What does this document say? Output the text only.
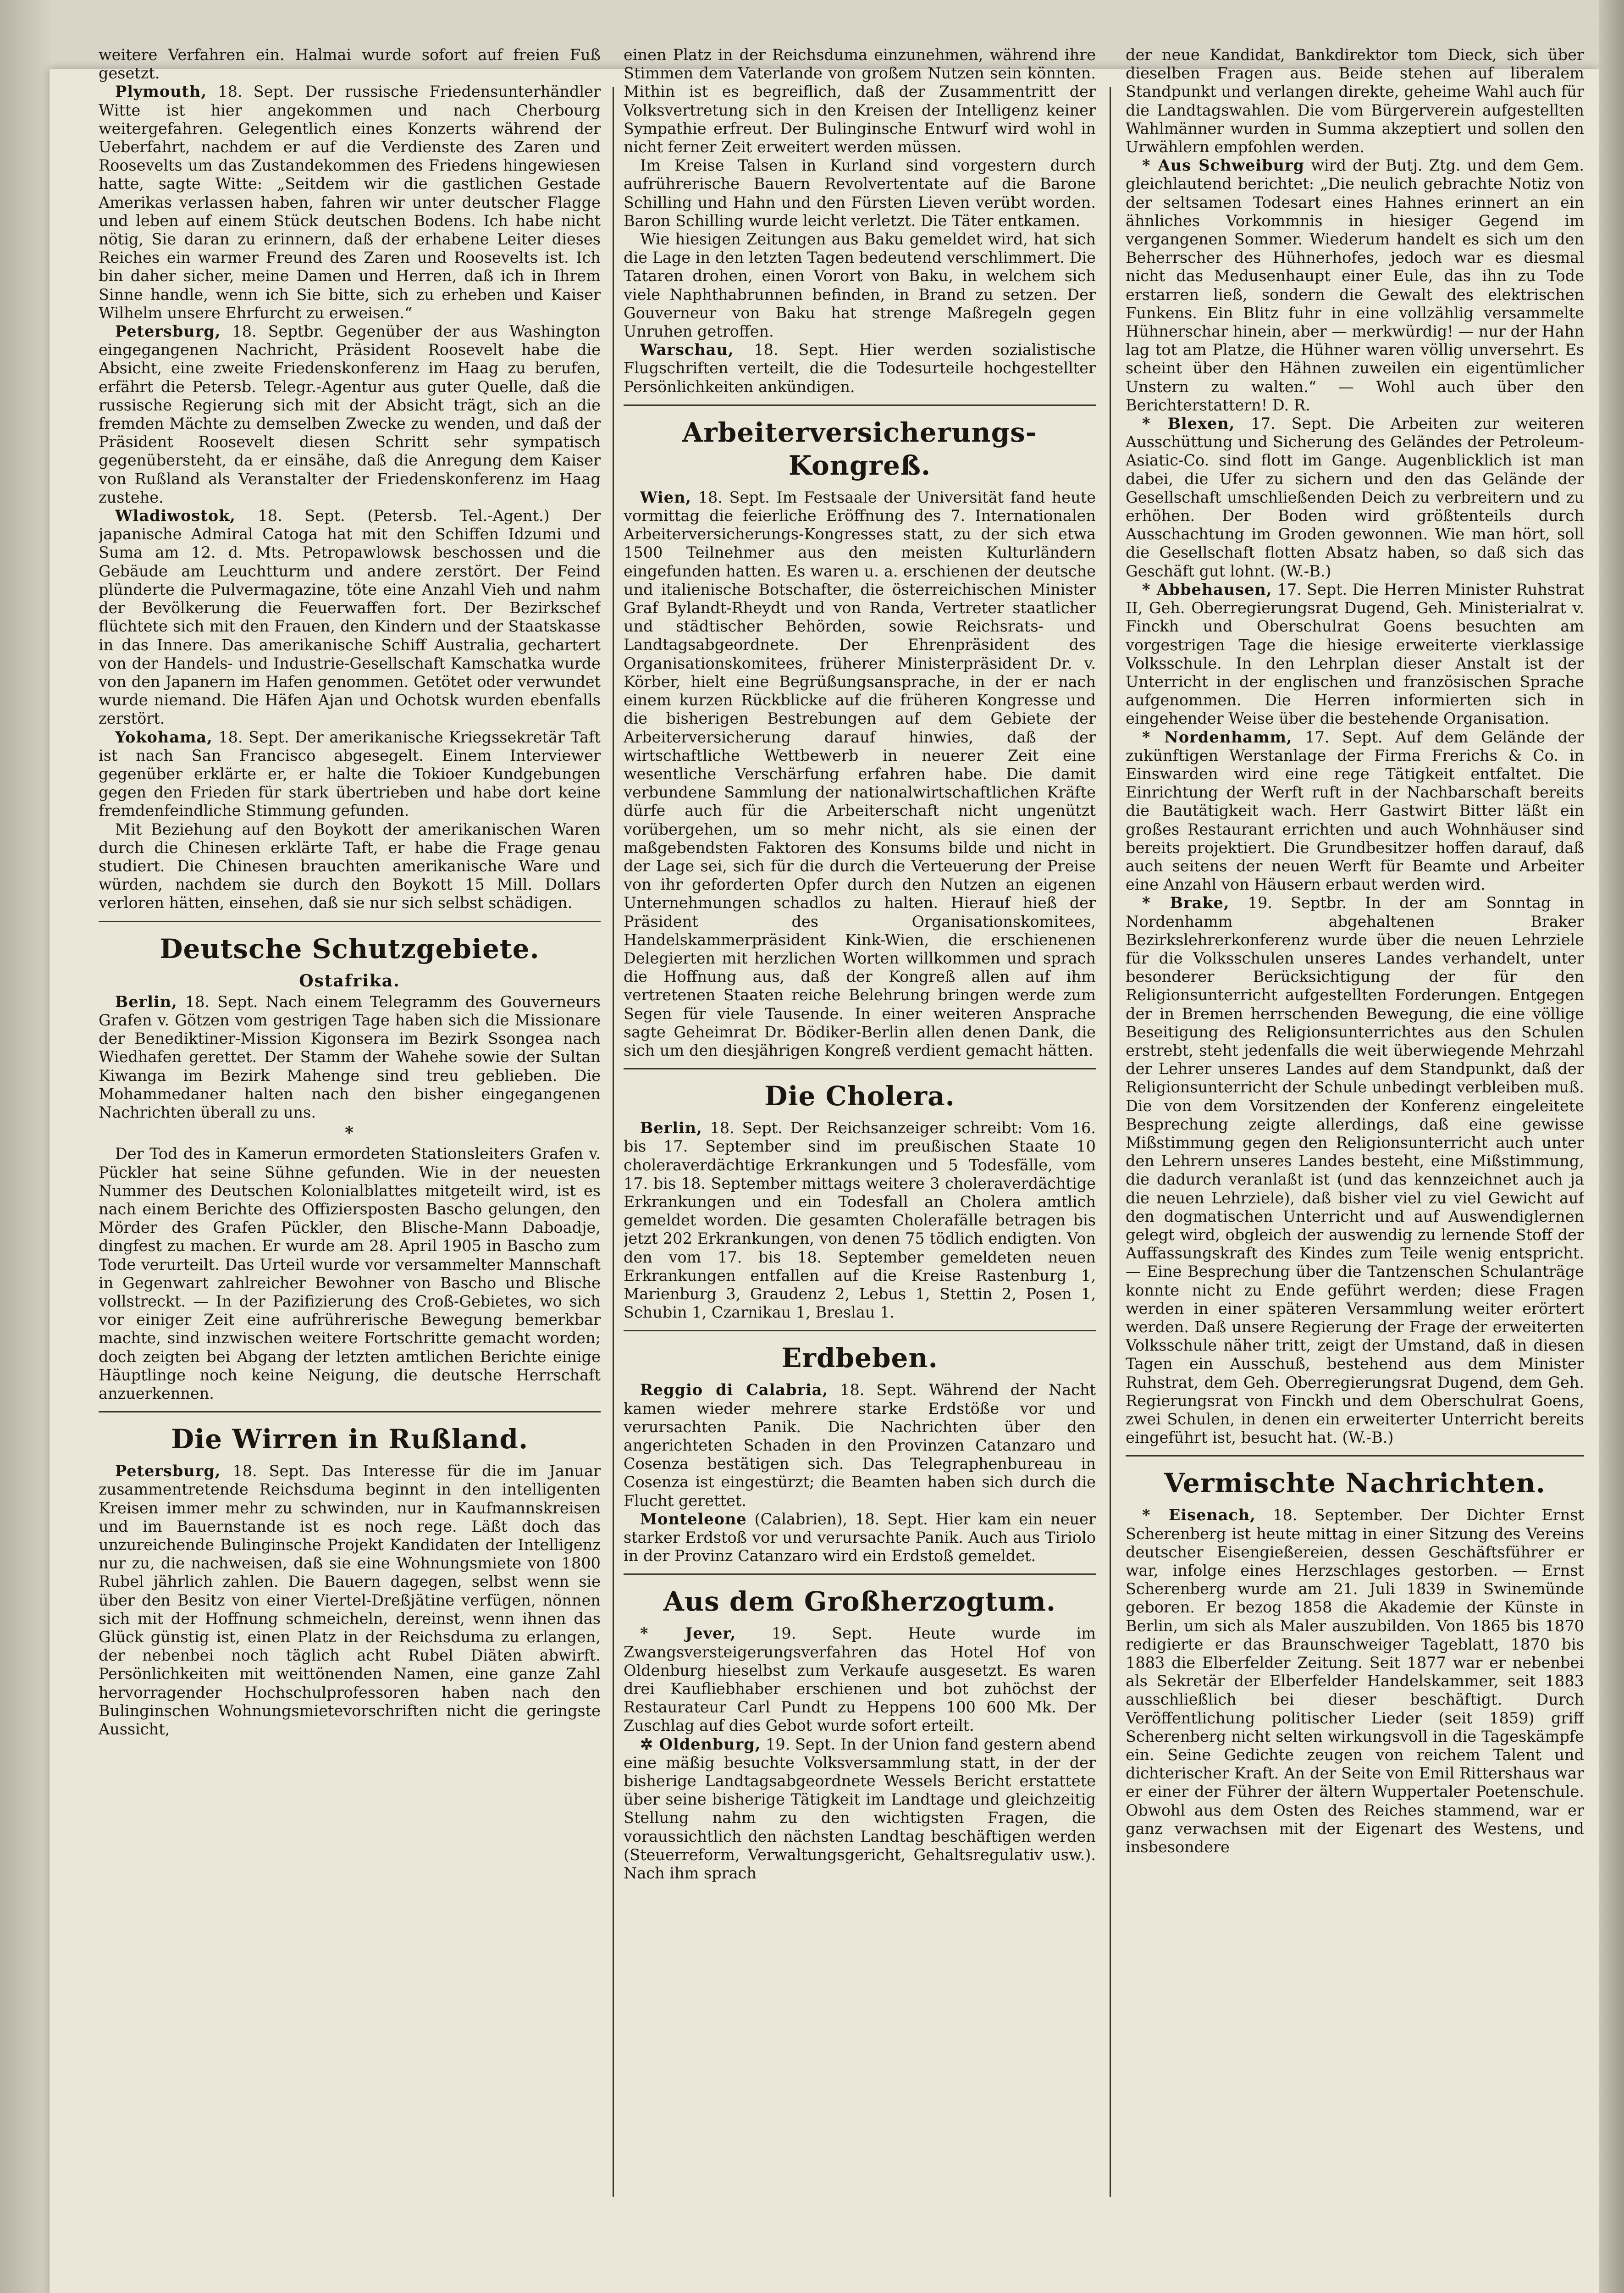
weitere Verfahren ein. Halmai wurde sofort auf freien Fuß gesetzt.

Plymouth, 18. Sept. Der russische Friedensunterhändler Witte ist hier angekommen und nach Cherbourg weitergefahren. Gelegentlich eines Konzerts während der Ueberfahrt, nachdem er auf die Verdienste des Zaren und Roosevelts um das Zustandekommen des Friedens hingewiesen hatte, sagte Witte: „Seitdem wir die gastlichen Gestade Amerikas verlassen haben, fahren wir unter deutscher Flagge und leben auf einem Stück deutschen Bodens. Ich habe nicht nötig, Sie daran zu erinnern, daß der erhabene Leiter dieses Reiches ein warmer Freund des Zaren und Roosevelts ist. Ich bin daher sicher, meine Damen und Herren, daß ich in Ihrem Sinne handle, wenn ich Sie bitte, sich zu erheben und Kaiser Wilhelm unsere Ehrfurcht zu erweisen.“

Petersburg, 18. Septbr. Gegenüber der aus Washington eingegangenen Nachricht, Präsident Roosevelt habe die Absicht, eine zweite Friedenskonferenz im Haag zu berufen, erfährt die Petersb. Telegr.-Agentur aus guter Quelle, daß die russische Regierung sich mit der Absicht trägt, sich an die fremden Mächte zu demselben Zwecke zu wenden, und daß der Präsident Roosevelt diesen Schritt sehr sympatisch gegenübersteht, da er einsähe, daß die Anregung dem Kaiser von Rußland als Veranstalter der Friedenskonferenz im Haag zustehe.

Wladiwostok, 18. Sept. (Petersb. Tel.-Agent.) Der japanische Admiral Catoga hat mit den Schiffen Idzumi und Suma am 12. d. Mts. Petropawlowsk beschossen und die Gebäude am Leuchtturm und andere zerstört. Der Feind plünderte die Pulvermagazine, töte eine Anzahl Vieh und nahm der Bevölkerung die Feuerwaffen fort. Der Bezirkschef flüchtete sich mit den Frauen, den Kindern und der Staatskasse in das Innere. Das amerikanische Schiff Australia, gechartert von der Handels- und Industrie-Gesellschaft Kamschatka wurde von den Japanern im Hafen genommen. Getötet oder verwundet wurde niemand. Die Häfen Ajan und Ochotsk wurden ebenfalls zerstört.

Yokohama, 18. Sept. Der amerikanische Kriegssekretär Taft ist nach San Francisco abgesegelt. Einem Interviewer gegenüber erklärte er, er halte die Tokioer Kundgebungen gegen den Frieden für stark übertrieben und habe dort keine fremdenfeindliche Stimmung gefunden.

Mit Beziehung auf den Boykott der amerikanischen Waren durch die Chinesen erklärte Taft, er habe die Frage genau studiert. Die Chinesen brauchten amerikanische Ware und würden, nachdem sie durch den Boykott 15 Mill. Dollars verloren hätten, einsehen, daß sie nur sich selbst schädigen.

Deutsche Schutzgebiete.
Ostafrika.

Berlin, 18. Sept. Nach einem Telegramm des Gouverneurs Grafen v. Götzen vom gestrigen Tage haben sich die Missionare der Benediktiner-Mission Kigonsera im Bezirk Ssongea nach Wiedhafen gerettet. Der Stamm der Wahehe sowie der Sultan Kiwanga im Bezirk Mahenge sind treu geblieben. Die Mohammedaner halten nach den bisher eingegangenen Nachrichten überall zu uns.

*

Der Tod des in Kamerun ermordeten Stationsleiters Grafen v. Pückler hat seine Sühne gefunden. Wie in der neuesten Nummer des Deutschen Kolonialblattes mitgeteilt wird, ist es nach einem Berichte des Offiziersposten Bascho gelungen, den Mörder des Grafen Pückler, den Blische-Mann Daboadje, dingfest zu machen. Er wurde am 28. April 1905 in Bascho zum Tode verurteilt. Das Urteil wurde vor versammelter Mannschaft in Gegenwart zahlreicher Bewohner von Bascho und Blische vollstreckt. — In der Pazifizierung des Croß-Gebietes, wo sich vor einiger Zeit eine aufrührerische Bewegung bemerkbar machte, sind inzwischen weitere Fortschritte gemacht worden; doch zeigten bei Abgang der letzten amtlichen Berichte einige Häuptlinge noch keine Neigung, die deutsche Herrschaft anzuerkennen.

Die Wirren in Rußland.

Petersburg, 18. Sept. Das Interesse für die im Januar zusammentretende Reichsduma beginnt in den intelligenten Kreisen immer mehr zu schwinden, nur in Kaufmannskreisen und im Bauernstande ist es noch rege. Läßt doch das unzureichende Bulinginsche Projekt Kandidaten der Intelligenz nur zu, die nachweisen, daß sie eine Wohnungsmiete von 1800 Rubel jährlich zahlen. Die Bauern dagegen, selbst wenn sie über den Besitz von einer Viertel-Dreßjätine verfügen, nönnen sich mit der Hoffnung schmeicheln, dereinst, wenn ihnen das Glück günstig ist, einen Platz in der Reichsduma zu erlangen, der nebenbei noch täglich acht Rubel Diäten abwirft. Persönlichkeiten mit weittönenden Namen, eine ganze Zahl hervorragender Hochschulprofessoren haben nach den Bulinginschen Wohnungsmietevorschriften nicht die geringste Aussicht,

einen Platz in der Reichsduma einzunehmen, während ihre Stimmen dem Vaterlande von großem Nutzen sein könnten. Mithin ist es begreiflich, daß der Zusammentritt der Volksvertretung sich in den Kreisen der Intelligenz keiner Sympathie erfreut. Der Bulinginsche Entwurf wird wohl in nicht ferner Zeit erweitert werden müssen.

Im Kreise Talsen in Kurland sind vorgestern durch aufrührerische Bauern Revolvertentate auf die Barone Schilling und Hahn und den Fürsten Lieven verübt worden. Baron Schilling wurde leicht verletzt. Die Täter entkamen.

Wie hiesigen Zeitungen aus Baku gemeldet wird, hat sich die Lage in den letzten Tagen bedeutend verschlimmert. Die Tataren drohen, einen Vorort von Baku, in welchem sich viele Naphthabrunnen befinden, in Brand zu setzen. Der Gouverneur von Baku hat strenge Maßregeln gegen Unruhen getroffen.

Warschau, 18. Sept. Hier werden sozialistische Flugschriften verteilt, die die Todesurteile hochgestellter Persönlichkeiten ankündigen.

Arbeiterversicherungs-Kongreß.

Wien, 18. Sept. Im Festsaale der Universität fand heute vormittag die feierliche Eröffnung des 7. Internationalen Arbeiterversicherungs-Kongresses statt, zu der sich etwa 1500 Teilnehmer aus den meisten Kulturländern eingefunden hatten. Es waren u. a. erschienen der deutsche und italienische Botschafter, die österreichischen Minister Graf Bylandt-Rheydt und von Randa, Vertreter staatlicher und städtischer Behörden, sowie Reichsrats- und Landtagsabgeordnete. Der Ehrenpräsident des Organisationskomitees, früherer Ministerpräsident Dr. v. Körber, hielt eine Begrüßungsansprache, in der er nach einem kurzen Rückblicke auf die früheren Kongresse und die bisherigen Bestrebungen auf dem Gebiete der Arbeiterversicherung darauf hinwies, daß der wirtschaftliche Wettbewerb in neuerer Zeit eine wesentliche Verschärfung erfahren habe. Die damit verbundene Sammlung der nationalwirtschaftlichen Kräfte dürfe auch für die Arbeiterschaft nicht ungenützt vorübergehen, um so mehr nicht, als sie einen der maßgebendsten Faktoren des Konsums bilde und nicht in der Lage sei, sich für die durch die Verteuerung der Preise von ihr geforderten Opfer durch den Nutzen an eigenen Unternehmungen schadlos zu halten. Hierauf hieß der Präsident des Organisationskomitees, Handelskammerpräsident Kink-Wien, die erschienenen Delegierten mit herzlichen Worten willkommen und sprach die Hoffnung aus, daß der Kongreß allen auf ihm vertretenen Staaten reiche Belehrung bringen werde zum Segen für viele Tausende. In einer weiteren Ansprache sagte Geheimrat Dr. Bödiker-Berlin allen denen Dank, die sich um den diesjährigen Kongreß verdient gemacht hätten.

Die Cholera.

Berlin, 18. Sept. Der Reichsanzeiger schreibt: Vom 16. bis 17. September sind im preußischen Staate 10 choleraverdächtige Erkrankungen und 5 Todesfälle, vom 17. bis 18. September mittags weitere 3 choleraverdächtige Erkrankungen und ein Todesfall an Cholera amtlich gemeldet worden. Die gesamten Cholerafälle betragen bis jetzt 202 Erkrankungen, von denen 75 tödlich endigten. Von den vom 17. bis 18. September gemeldeten neuen Erkrankungen entfallen auf die Kreise Rastenburg 1, Marienburg 3, Graudenz 2, Lebus 1, Stettin 2, Posen 1, Schubin 1, Czarnikau 1, Breslau 1.

Erdbeben.

Reggio di Calabria, 18. Sept. Während der Nacht kamen wieder mehrere starke Erdstöße vor und verursachten Panik. Die Nachrichten über den angerichteten Schaden in den Provinzen Catanzaro und Cosenza bestätigen sich. Das Telegraphenbureau in Cosenza ist eingestürzt; die Beamten haben sich durch die Flucht gerettet.

Monteleone (Calabrien), 18. Sept. Hier kam ein neuer starker Erdstoß vor und verursachte Panik. Auch aus Tiriolo in der Provinz Catanzaro wird ein Erdstoß gemeldet.

Aus dem Großherzogtum.

* Jever, 19. Sept. Heute wurde im Zwangsversteigerungsverfahren das Hotel Hof von Oldenburg hieselbst zum Verkaufe ausgesetzt. Es waren drei Kaufliebhaber erschienen und bot zuhöchst der Restaurateur Carl Pundt zu Heppens 100 600 Mk. Der Zuschlag auf dies Gebot wurde sofort erteilt.

✲ Oldenburg, 19. Sept. In der Union fand gestern abend eine mäßig besuchte Volksversammlung statt, in der der bisherige Landtagsabgeordnete Wessels Bericht erstattete über seine bisherige Tätigkeit im Landtage und gleichzeitig Stellung nahm zu den wichtigsten Fragen, die voraussichtlich den nächsten Landtag beschäftigen werden (Steuerreform, Verwaltungsgericht, Gehaltsregulativ usw.). Nach ihm sprach

der neue Kandidat, Bankdirektor tom Dieck, sich über dieselben Fragen aus. Beide stehen auf liberalem Standpunkt und verlangen direkte, geheime Wahl auch für die Landtagswahlen. Die vom Bürgerverein aufgestellten Wahlmänner wurden in Summa akzeptiert und sollen den Urwählern empfohlen werden.

* Aus Schweiburg wird der Butj. Ztg. und dem Gem. gleichlautend berichtet: „Die neulich gebrachte Notiz von der seltsamen Todesart eines Hahnes erinnert an ein ähnliches Vorkommnis in hiesiger Gegend im vergangenen Sommer. Wiederum handelt es sich um den Beherrscher des Hühnerhofes, jedoch war es diesmal nicht das Medusenhaupt einer Eule, das ihn zu Tode erstarren ließ, sondern die Gewalt des elektrischen Funkens. Ein Blitz fuhr in eine vollzählig versammelte Hühnerschar hinein, aber — merkwürdig! — nur der Hahn lag tot am Platze, die Hühner waren völlig unversehrt. Es scheint über den Hähnen zuweilen ein eigentümlicher Unstern zu walten.“ — Wohl auch über den Berichterstattern! D. R.

* Blexen, 17. Sept. Die Arbeiten zur weiteren Ausschüttung und Sicherung des Geländes der Petroleum-Asiatic-Co. sind flott im Gange. Augenblicklich ist man dabei, die Ufer zu sichern und den das Gelände der Gesellschaft umschließenden Deich zu verbreitern und zu erhöhen. Der Boden wird größtenteils durch Ausschachtung im Groden gewonnen. Wie man hört, soll die Gesellschaft flotten Absatz haben, so daß sich das Geschäft gut lohnt. (W.-B.)

* Abbehausen, 17. Sept. Die Herren Minister Ruhstrat II, Geh. Oberregierungsrat Dugend, Geh. Ministerialrat v. Finckh und Oberschulrat Goens besuchten am vorgestrigen Tage die hiesige erweiterte vierklassige Volksschule. In den Lehrplan dieser Anstalt ist der Unterricht in der englischen und französischen Sprache aufgenommen. Die Herren informierten sich in eingehender Weise über die bestehende Organisation.

* Nordenhamm, 17. Sept. Auf dem Gelände der zukünftigen Werstanlage der Firma Frerichs & Co. in Einswarden wird eine rege Tätigkeit entfaltet. Die Einrichtung der Werft ruft in der Nachbarschaft bereits die Bautätigkeit wach. Herr Gastwirt Bitter läßt ein großes Restaurant errichten und auch Wohnhäuser sind bereits projektiert. Die Grundbesitzer hoffen darauf, daß auch seitens der neuen Werft für Beamte und Arbeiter eine Anzahl von Häusern erbaut werden wird.

* Brake, 19. Septbr. In der am Sonntag in Nordenhamm abgehaltenen Braker Bezirkslehrerkonferenz wurde über die neuen Lehrziele für die Volksschulen unseres Landes verhandelt, unter besonderer Berücksichtigung der für den Religionsunterricht aufgestellten Forderungen. Entgegen der in Bremen herrschenden Bewegung, die eine völlige Beseitigung des Religionsunterrichtes aus den Schulen erstrebt, steht jedenfalls die weit überwiegende Mehrzahl der Lehrer unseres Landes auf dem Standpunkt, daß der Religionsunterricht der Schule unbedingt verbleiben muß. Die von dem Vorsitzenden der Konferenz eingeleitete Besprechung zeigte allerdings, daß eine gewisse Mißstimmung gegen den Religionsunterricht auch unter den Lehrern unseres Landes besteht, eine Mißstimmung, die dadurch veranlaßt ist (und das kennzeichnet auch ja die neuen Lehrziele), daß bisher viel zu viel Gewicht auf den dogmatischen Unterricht und auf Auswendiglernen gelegt wird, obgleich der auswendig zu lernende Stoff der Auffassungskraft des Kindes zum Teile wenig entspricht. — Eine Besprechung über die Tantzenschen Schulanträge konnte nicht zu Ende geführt werden; diese Fragen werden in einer späteren Versammlung weiter erörtert werden. Daß unsere Regierung der Frage der erweiterten Volksschule näher tritt, zeigt der Umstand, daß in diesen Tagen ein Ausschuß, bestehend aus dem Minister Ruhstrat, dem Geh. Oberregierungsrat Dugend, dem Geh. Regierungsrat von Finckh und dem Oberschulrat Goens, zwei Schulen, in denen ein erweiterter Unterricht bereits eingeführt ist, besucht hat. (W.-B.)

Vermischte Nachrichten.

* Eisenach, 18. September. Der Dichter Ernst Scherenberg ist heute mittag in einer Sitzung des Vereins deutscher Eisengießereien, dessen Geschäftsführer er war, infolge eines Herzschlages gestorben. — Ernst Scherenberg wurde am 21. Juli 1839 in Swinemünde geboren. Er bezog 1858 die Akademie der Künste in Berlin, um sich als Maler auszubilden. Von 1865 bis 1870 redigierte er das Braunschweiger Tageblatt, 1870 bis 1883 die Elberfelder Zeitung. Seit 1877 war er nebenbei als Sekretär der Elberfelder Handelskammer, seit 1883 ausschließlich bei dieser beschäftigt. Durch Veröffentlichung politischer Lieder (seit 1859) griff Scherenberg nicht selten wirkungsvoll in die Tageskämpfe ein. Seine Gedichte zeugen von reichem Talent und dichterischer Kraft. An der Seite von Emil Rittershaus war er einer der Führer der ältern Wuppertaler Poetenschule. Obwohl aus dem Osten des Reiches stammend, war er ganz verwachsen mit der Eigenart des Westens, und insbesondere
